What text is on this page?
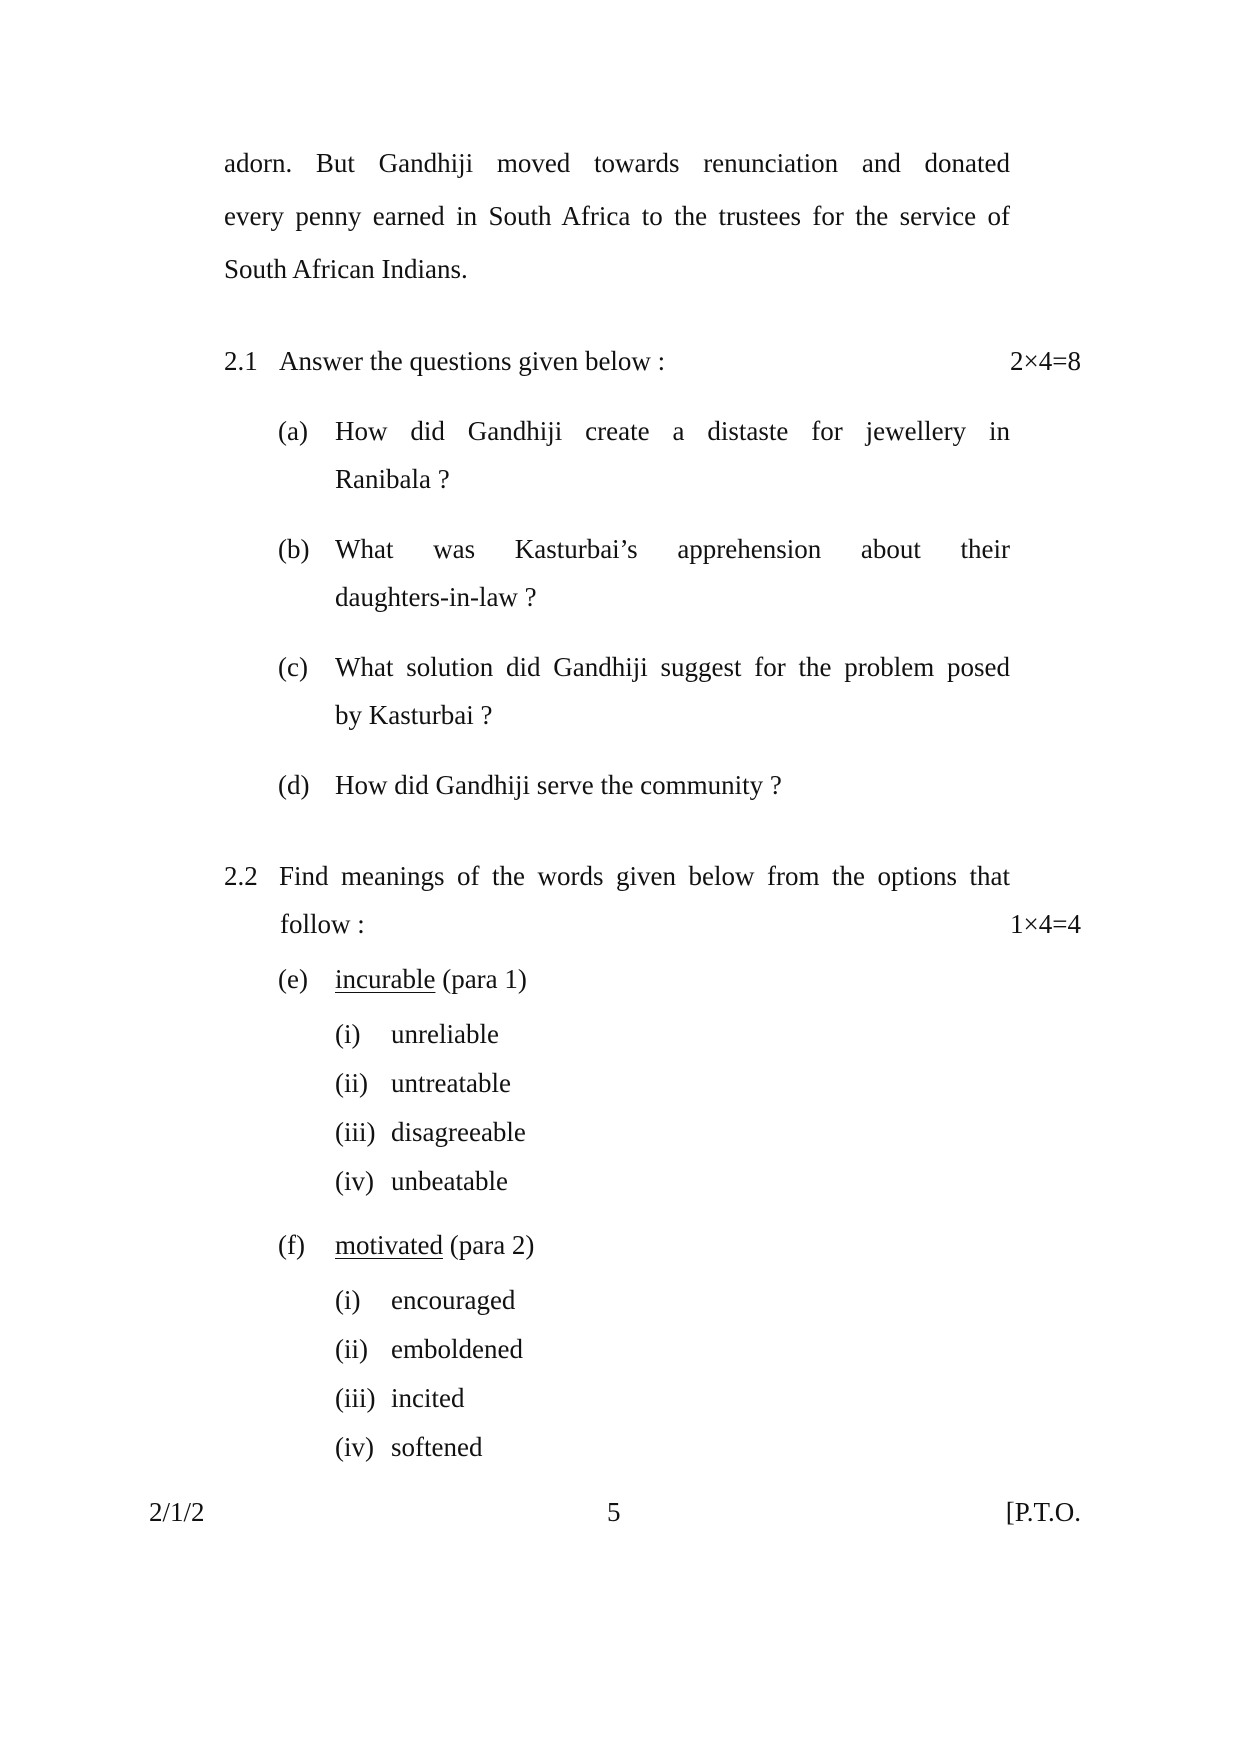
adorn. But Gandhiji moved towards renunciation and donated
every penny earned in South Africa to the trustees for the service of
South African Indians.
2.1 Answer the questions given below :	2×4=8
(a) How did Gandhiji create a distaste for jewellery in
Ranibala ?
(b) What was Kasturbai’s apprehension about their
daughters-in-law ?
(c) What solution did Gandhiji suggest for the problem posed
by Kasturbai ?
(d) How did Gandhiji serve the community ?
2.2 Find meanings of the words given below from the options that
follow :	1×4=4
(e) incurable (para 1)
(i) unreliable
(ii) untreatable
(iii) disagreeable
(iv) unbeatable
(f) motivated (para 2)
(i) encouraged
(ii) emboldened
(iii) incited
(iv) softened
2/1/2	5	[P.T.O.
